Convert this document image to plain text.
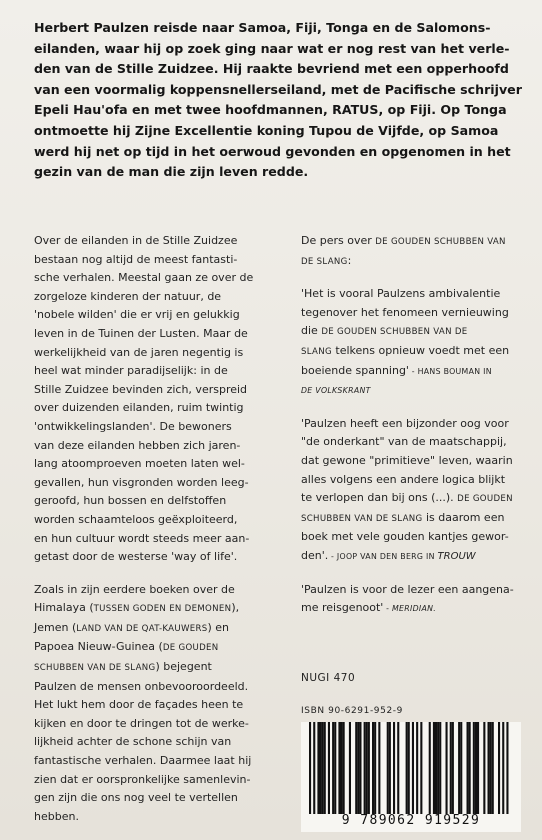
Herbert Paulzen reisde naar Samoa, Fiji, Tonga en de Salomons-

eilanden, waar hij op zoek ging naar wat er nog rest van het verle-

den van de Stille Zuidzee. Hij raakte bevriend met een opperhoofd

van een voormalig koppensnellerseiland, met de Pacifische schrijver

Epeli Hau'ofa en met twee hoofdmannen, RATUS, op Fiji. Op Tonga

ontmoette hij Zijne Excellentie koning Tupou de Vijfde, op Samoa

werd hij net op tijd in het oerwoud gevonden en opgenomen in het

gezin van de man die zijn leven redde.

Over de eilanden in de Stille Zuidzee

bestaan nog altijd de meest fantasti-

sche verhalen. Meestal gaan ze over de

zorgeloze kinderen der natuur, de

'nobele wilden' die er vrij en gelukkig

leven in de Tuinen der Lusten. Maar de

werkelijkheid van de jaren negentig is

heel wat minder paradijselijk: in de

Stille Zuidzee bevinden zich, verspreid

over duizenden eilanden, ruim twintig

'ontwikkelingslanden'. De bewoners

van deze eilanden hebben zich jaren-

lang atoomproeven moeten laten wel-

gevallen, hun visgronden worden leeg-

geroofd, hun bossen en delfstoffen

worden schaamteloos geëxploiteerd,

en hun cultuur wordt steeds meer aan-

getast door de westerse 'way of life'.

Zoals in zijn eerdere boeken over de

Himalaya (TUSSEN GODEN EN DEMONEN),

Jemen (LAND VAN DE QAT-KAUWERS) en

Papoea Nieuw-Guinea (DE GOUDEN

SCHUBBEN VAN DE SLANG) bejegent

Paulzen de mensen onbevooroordeeld.

Het lukt hem door de façades heen te

kijken en door te dringen tot de werke-

lijkheid achter de schone schijn van

fantastische verhalen. Daarmee laat hij

zien dat er oorspronkelijke samenlevin-

gen zijn die ons nog veel te vertellen

hebben.

De pers over DE GOUDEN SCHUBBEN VAN

DE SLANG:

'Het is vooral Paulzens ambivalentie

tegenover het fenomeen vernieuwing

die DE GOUDEN SCHUBBEN VAN DE

SLANG telkens opnieuw voedt met een

boeiende spanning' - HANS BOUMAN IN

DE VOLKSKRANT

'Paulzen heeft een bijzonder oog voor

"de onderkant" van de maatschappij,

dat gewone "primitieve" leven, waarin

alles volgens een andere logica blijkt

te verlopen dan bij ons (...). DE GOUDEN

SCHUBBEN VAN DE SLANG is daarom een

boek met vele gouden kantjes gewor-

den'. - JOOP VAN DEN BERG IN TROUW

'Paulzen is voor de lezer een aangena-

me reisgenoot' - MERIDIAN.

NUGI 470
ISBN 90-6291-952-9
9 789062 919529
